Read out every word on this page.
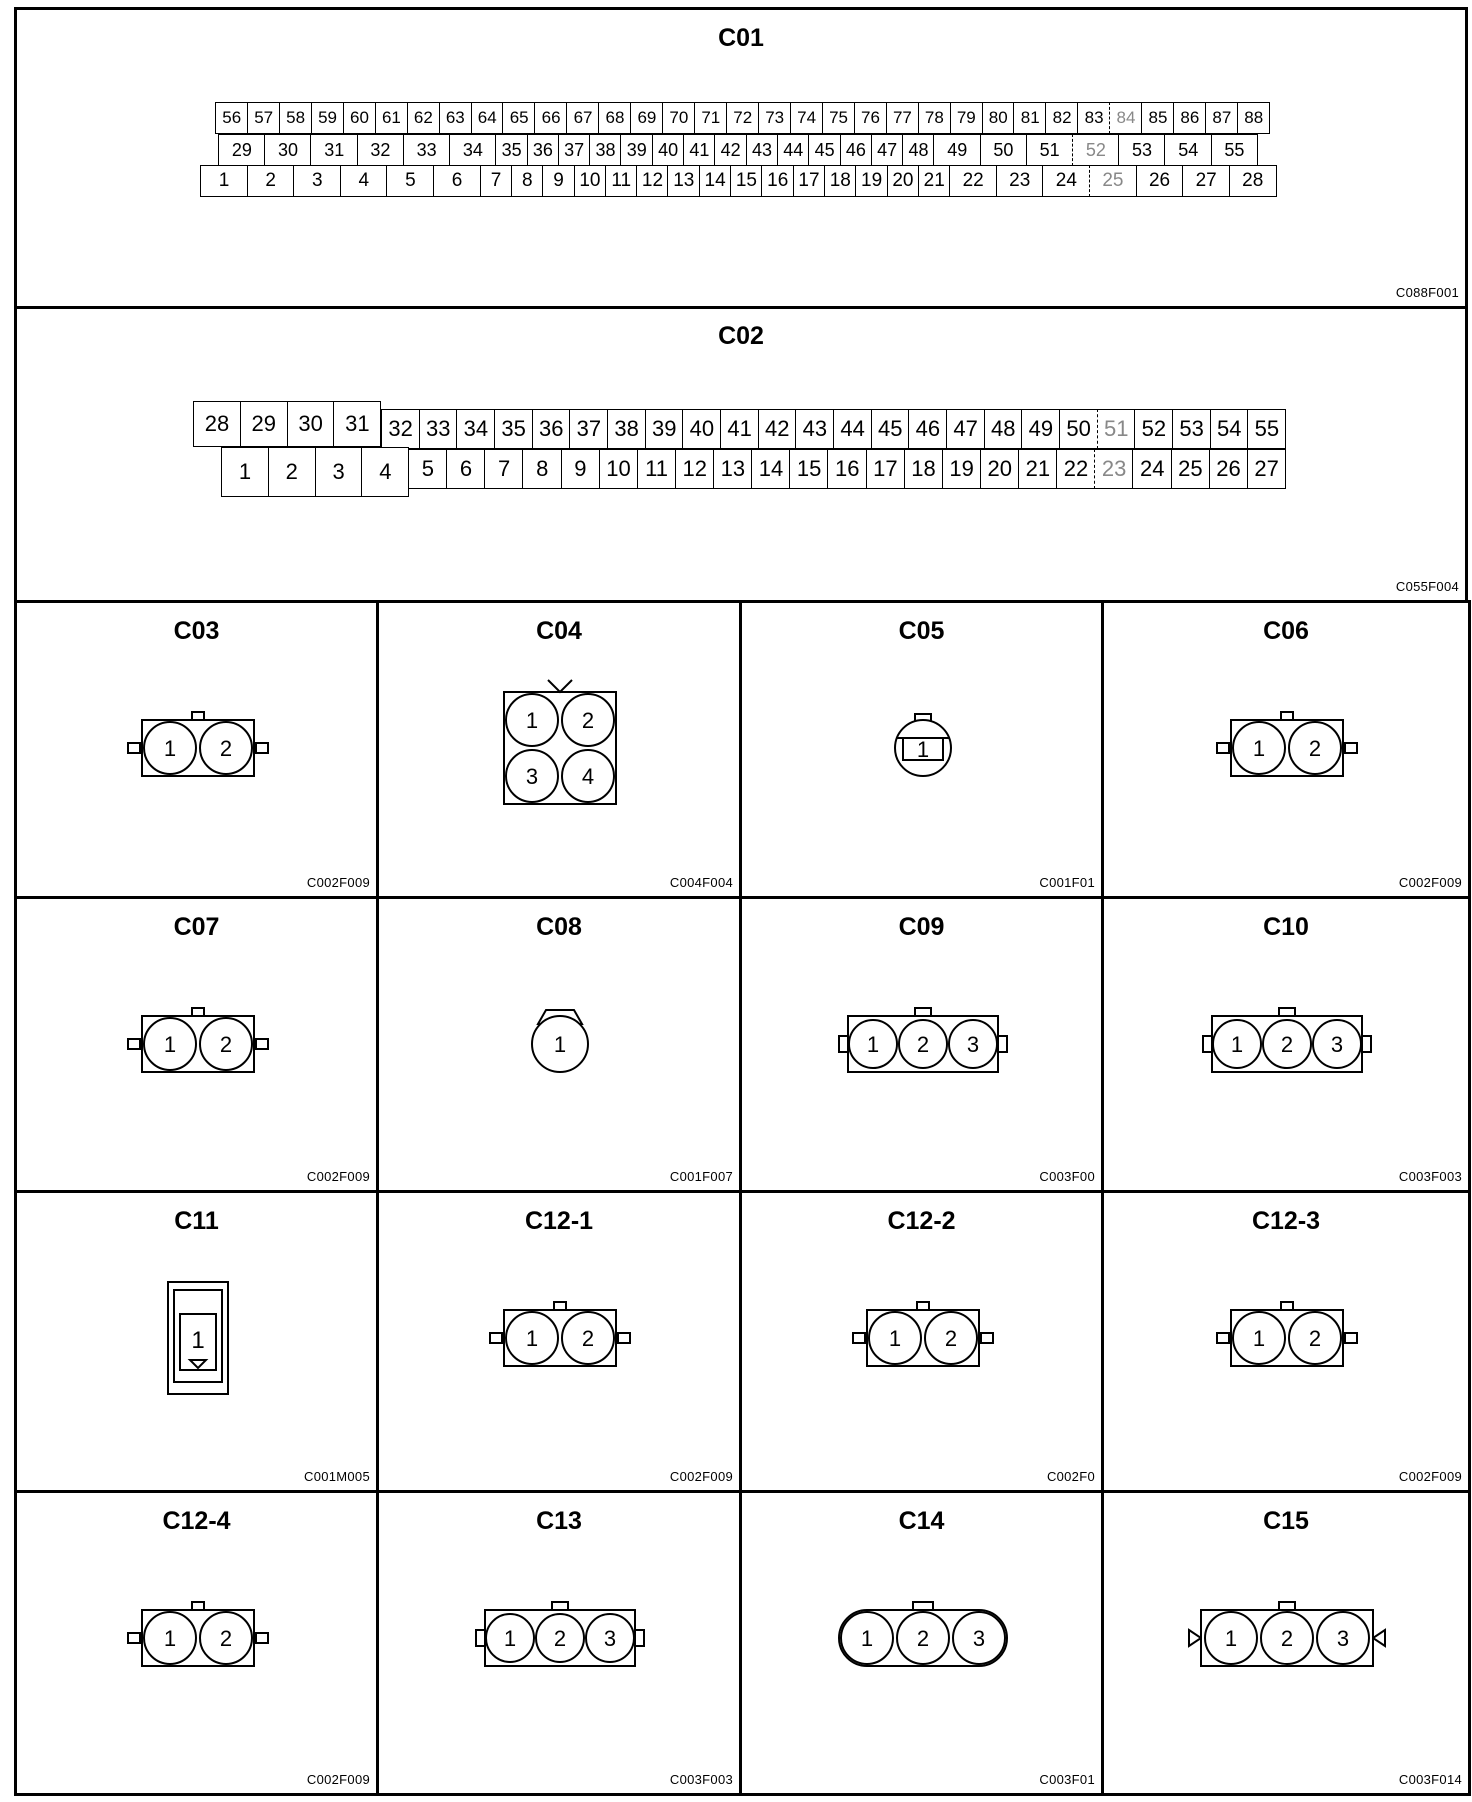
C01
56 57 58 59 60 61 62 63 64 65 66 67 68 69 70 71 72 73 74 75 76 77 78 79 80 81 82 83 84 85 86 87 88
29	30	31	32	33	34	35 36 37 38 39 40 41 42 43 44 45 46 47 48	49	50	51	52	53	54	55
1	2	3	4	5	6	7	8	9 10 11 12 13 14 15 16 17 18 19 20 21 22	23	24	25	26	27	28
C088F001
C02
28	29	30	31 32 33 34 35 36 37 38 39 40 41 42 43 44 45 46 47 48 49 50 51 52 53 54 55
1	2	3	4	5	6	7	8	9 10 11 12 13 14 15 16 17 18 19 20 21 22 23 24 25 26 27
C055F004
C03
1 2
C002F009
C04
1 2
3 4
C004F004
C05
1
C001F01
C06
1 2
C002F009
C07
1 2
C002F009
C08
1
C001F007
C09
1 2 3
C003F00
C10
1 2 3
C003F003
C11
1
C001M005
C12-1
1 2
C002F009
C12-2
1 2
C002F0
C12-3
1 2
C002F009
C12-4
1 2
C002F009
C13
1 2 3
C003F003
C14
1 2 3
C003F01
C15
1 2 3
C003F014
